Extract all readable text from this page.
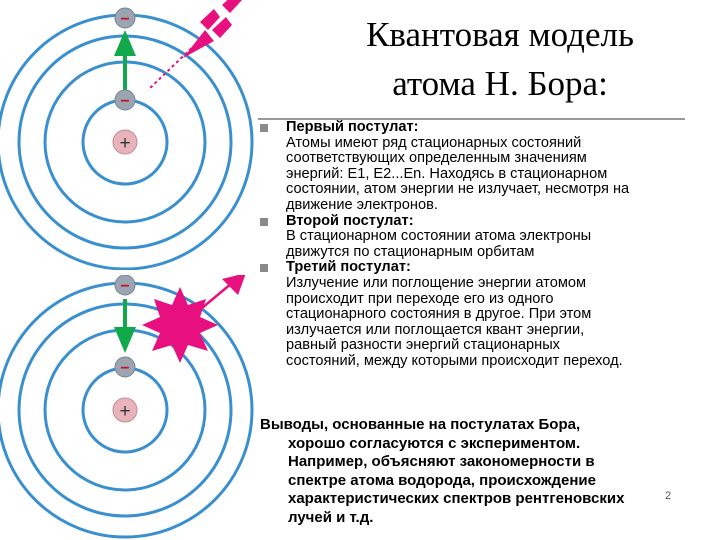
−
−
+
−
−
+
Квантовая модель
атома Н. Бора:
Первый постулат:
Атомы имеют ряд стационарных состояний
соответствующих определенным значениям
энергий: E1, E2...En. Находясь в стационарном
состоянии, атом энергии не излучает, несмотря на
движение электронов.
Второй постулат:
В стационарном состоянии атома электроны
движутся по стационарным орбитам
Третий постулат:
Излучение или поглощение энергии атомом
происходит при переходе его из одного
стационарного состояния в другое. При этом
излучается или поглощается квант энергии,
равный разности энергий стационарных
состояний, между которыми происходит переход.
Выводы, основанные на постулатах Бора,
хорошо согласуются с экспериментом.
Например, объясняют закономерности в
спектре атома водорода, происхождение
характеристических спектров рентгеновских
лучей и т.д.
2
